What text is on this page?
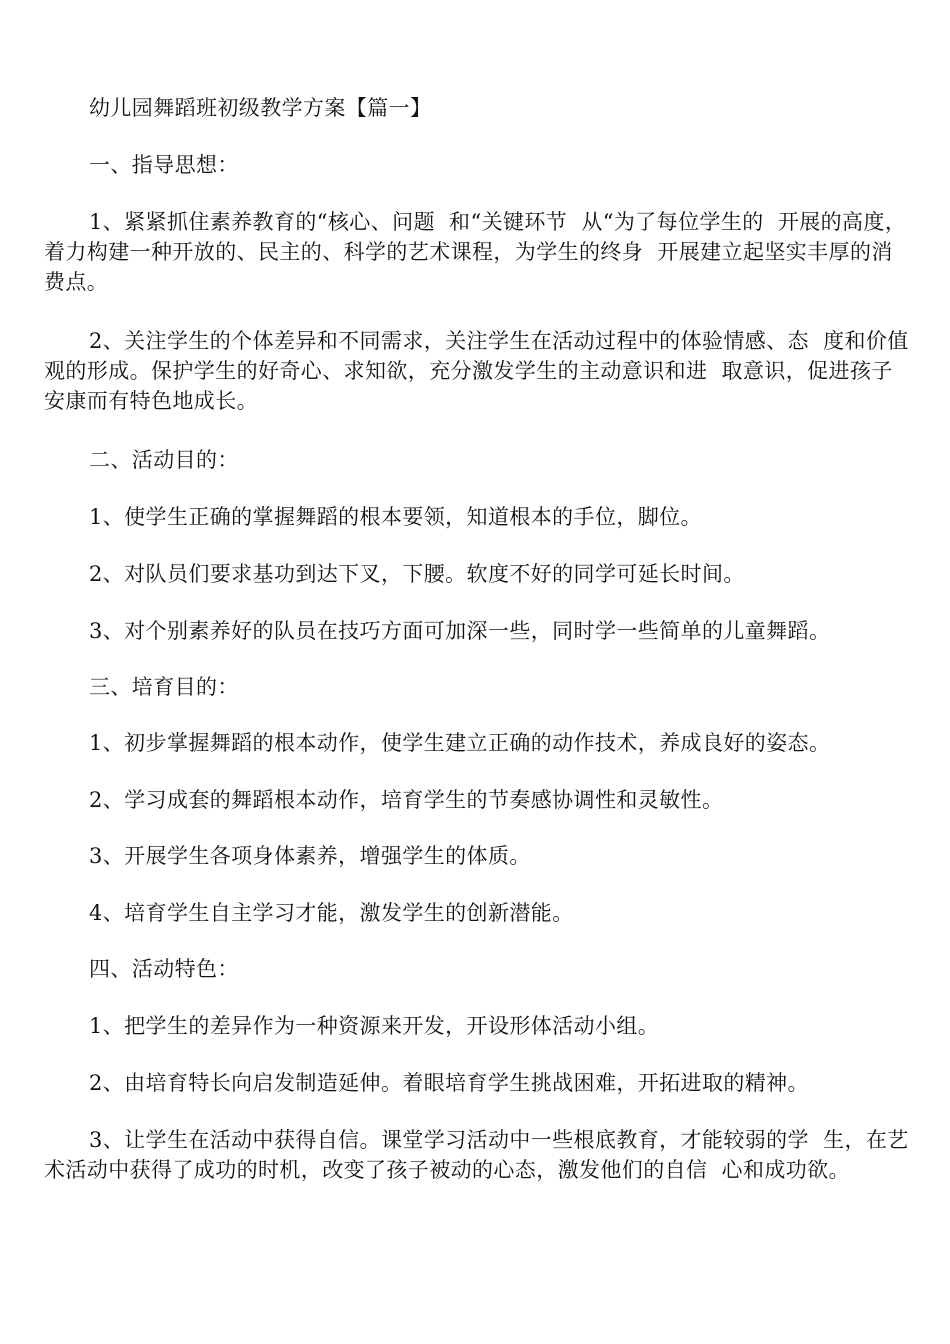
幼儿园舞蹈班初级教学方案【篇一】

一、指导思想：

1、紧紧抓住素养教育的“核心、问题  和“关键环节  从“为了每位学生的  开展的高度，着力构建一种开放的、民主的、科学的艺术课程，为学生的终身  开展建立起坚实丰厚的消费点。

2、关注学生的个体差异和不同需求，关注学生在活动过程中的体验情感、态  度和价值观的形成。保护学生的好奇心、求知欲，充分激发学生的主动意识和进  取意识，促进孩子安康而有特色地成长。

二、活动目的：

1、使学生正确的掌握舞蹈的根本要领，知道根本的手位，脚位。

2、对队员们要求基功到达下叉，下腰。软度不好的同学可延长时间。

3、对个别素养好的队员在技巧方面可加深一些，同时学一些简单的儿童舞蹈。

三、培育目的：

1、初步掌握舞蹈的根本动作，使学生建立正确的动作技术，养成良好的姿态。

2、学习成套的舞蹈根本动作，培育学生的节奏感协调性和灵敏性。

3、开展学生各项身体素养，增强学生的体质。

4、培育学生自主学习才能，激发学生的创新潜能。

四、活动特色：

1、把学生的差异作为一种资源来开发，开设形体活动小组。

2、由培育特长向启发制造延伸。着眼培育学生挑战困难，开拓进取的精神。

3、让学生在活动中获得自信。课堂学习活动中一些根底教育，才能较弱的学  生，在艺术活动中获得了成功的时机，改变了孩子被动的心态，激发他们的自信  心和成功欲。
